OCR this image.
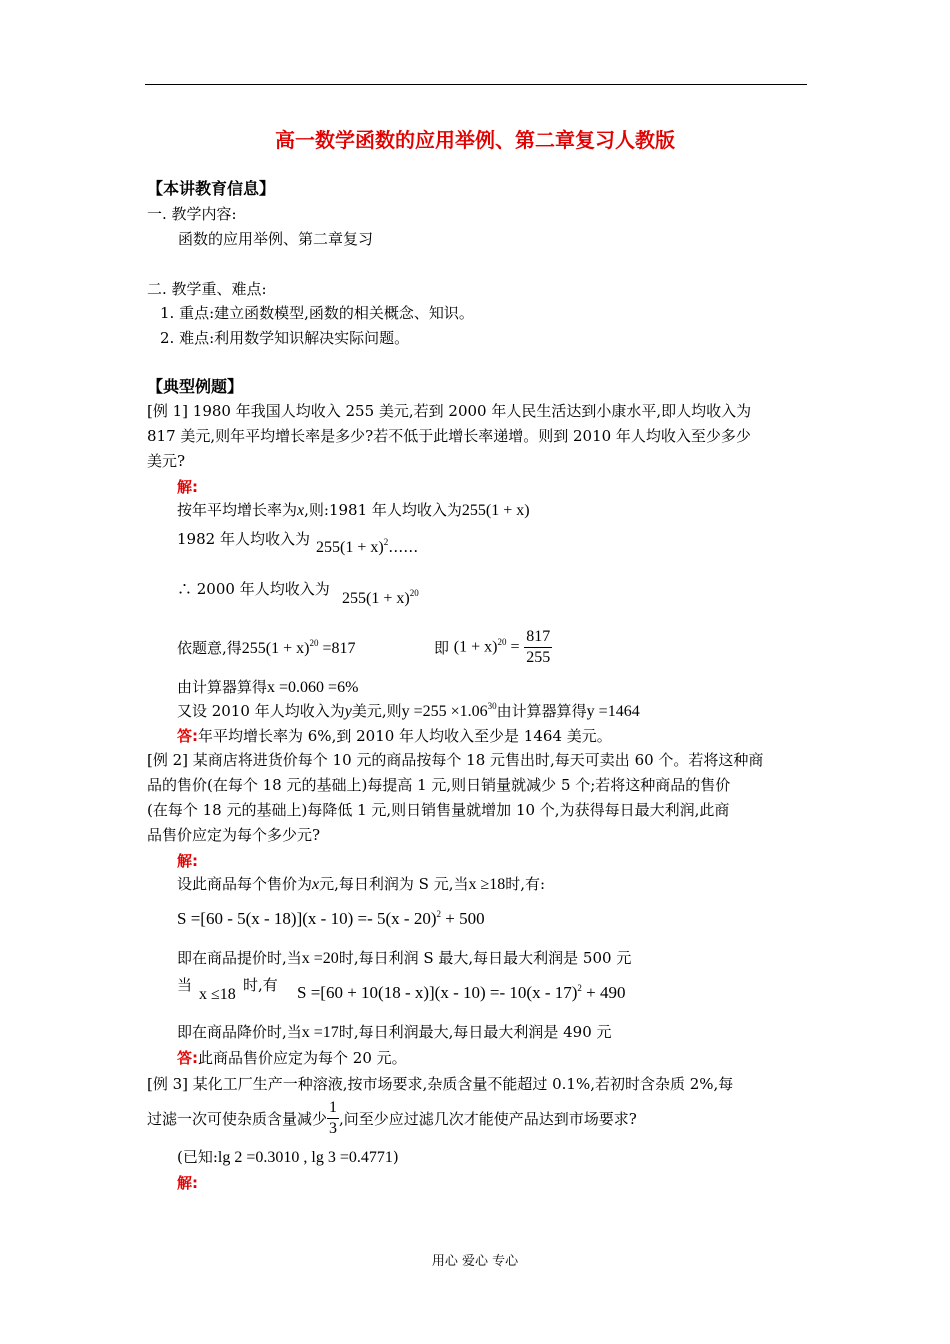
高一数学函数的应用举例、第二章复习人教版
【本讲教育信息】
一. 教学内容:
函数的应用举例、第二章复习
二. 教学重、难点:
1. 重点:建立函数模型,函数的相关概念、知识。
2. 难点:利用数学知识解决实际问题。
【典型例题】
[例 1] 1980 年我国人均收入 255 美元,若到 2000 年人民生活达到小康水平,即人均收入为
817 美元,则年平均增长率是多少?若不低于此增长率递增。则到 2010 年人均收入至少多少
美元?
解:
按年平均增长率为x,则:1981 年人均收入为255(1 + x)
1982 年人均收入为 $255(1 + x)^2\dots\dots$
∴ 2000 年人均收入为
$255(1 + x)^{20}$
依题意,得$255(1 + x)^{20} =817$	即 $(1 + x)^{20} = \frac{817}{255}$
由计算器算得x =0.060 =6%
又设 2010 年人均收入为y美元,则$y =255 \times 1.06^{30}$由计算器算得y =1464
答:年平均增长率为 6%,到 2010 年人均收入至少是 1464 美元。
[例 2] 某商店将进货价每个 10 元的商品按每个 18 元售出时,每天可卖出 60 个。若将这种商
品的售价(在每个 18 元的基础上)每提高 1 元,则日销量就减少 5 个;若将这种商品的售价
(在每个 18 元的基础上)每降低 1 元,则日销售量就增加 10 个,为获得每日最大利润,此商
品售价应定为每个多少元?
解:
设此商品每个售价为x元,每日利润为 S 元,当x ≥18时,有:
S =[60 - 5(x - 18)](x - 10) =- 5(x - 20)$^2$ + 500
即在商品提价时,当x =20时,每日利润 S 最大,每日最大利润是 500 元
当
x ≤18
时,有 S =[60 + 10(18 - x)](x - 10) =- 10(x - 17)$^2$ + 490
即在商品降价时,当x =17时,每日利润最大,每日最大利润是 490 元
答:此商品售价应定为每个 20 元。
[例 3] 某化工厂生产一种溶液,按市场要求,杂质含量不能超过 0.1%,若初时含杂质 2%,每
过滤一次可使杂质含量减少 $\frac{1}{3}$ ,问至少应过滤几次才能使产品达到市场要求?
(已知:lg 2 =0.3010 , lg 3 =0.4771)
解:
用心 爱心 专心
